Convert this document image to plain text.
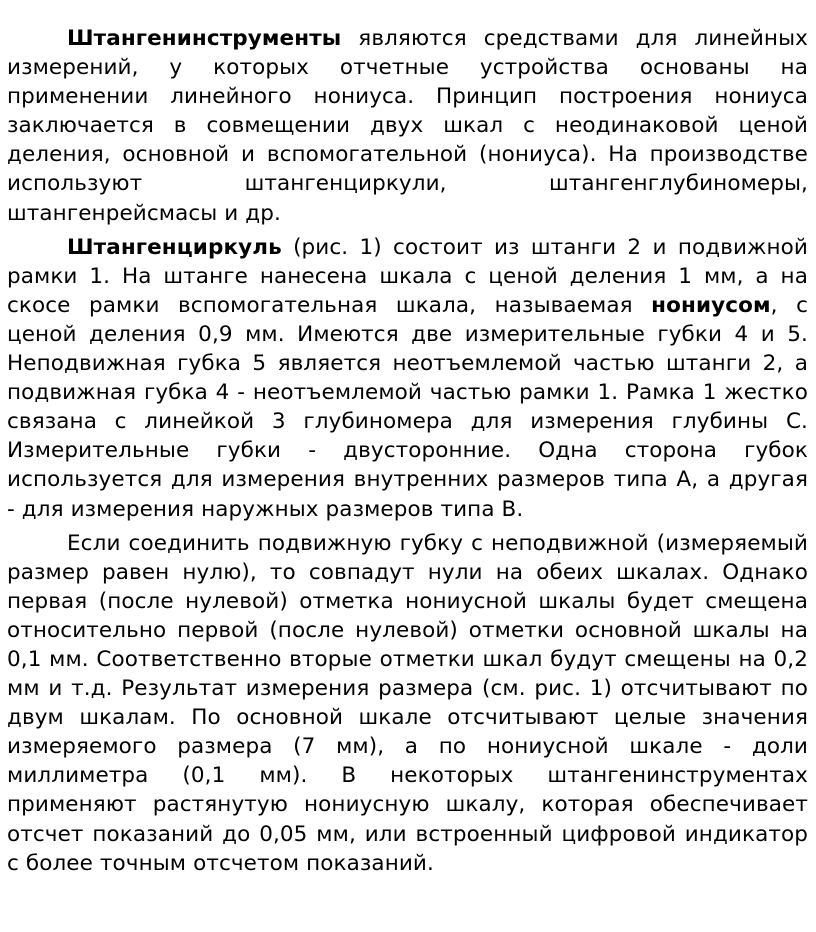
Штангенинструменты являются средствами для линейных измерений, у которых отчетные устройства основаны на применении линейного нониуса. Принцип построения нониуса заключается в совмещении двух шкал с неодинаковой ценой деления, основной и вспомогательной (нониуса). На производстве используют штангенциркули, штангенглубиномеры, штангенрейсмасы и др.

Штангенциркуль (рис. 1) состоит из штанги 2 и подвижной рамки 1. На штанге нанесена шкала с ценой деления 1 мм, а на скосе рамки вспомогательная шкала, называемая нониусом, с ценой деления 0,9 мм. Имеются две измерительные губки 4 и 5. Неподвижная губка 5 является неотъемлемой частью штанги 2, а подвижная губка 4 - неотъемлемой частью рамки 1. Рамка 1 жестко связана с линейкой 3 глубиномера для измерения глубины С. Измерительные губки - двусторонние. Одна сторона губок используется для измерения внутренних размеров типа А, а другая - для измерения наружных размеров типа В.

Если соединить подвижную губку с неподвижной (измеряемый размер равен нулю), то совпадут нули на обеих шкалах. Однако первая (после нулевой) отметка нониусной шкалы будет смещена относительно первой (после нулевой) отметки основной шкалы на 0,1 мм. Соответственно вторые отметки шкал будут смещены на 0,2 мм и т.д. Результат измерения размера (см. рис. 1) отсчитывают по двум шкалам. По основной шкале отсчитывают целые значения измеряемого размера (7 мм), а по нониусной шкале - доли миллиметра (0,1 мм). В некоторых штангенинструментах применяют растянутую нониусную шкалу, которая обеспечивает отсчет показаний до 0,05 мм, или встроенный цифровой индикатор с более точным отсчетом показаний.
